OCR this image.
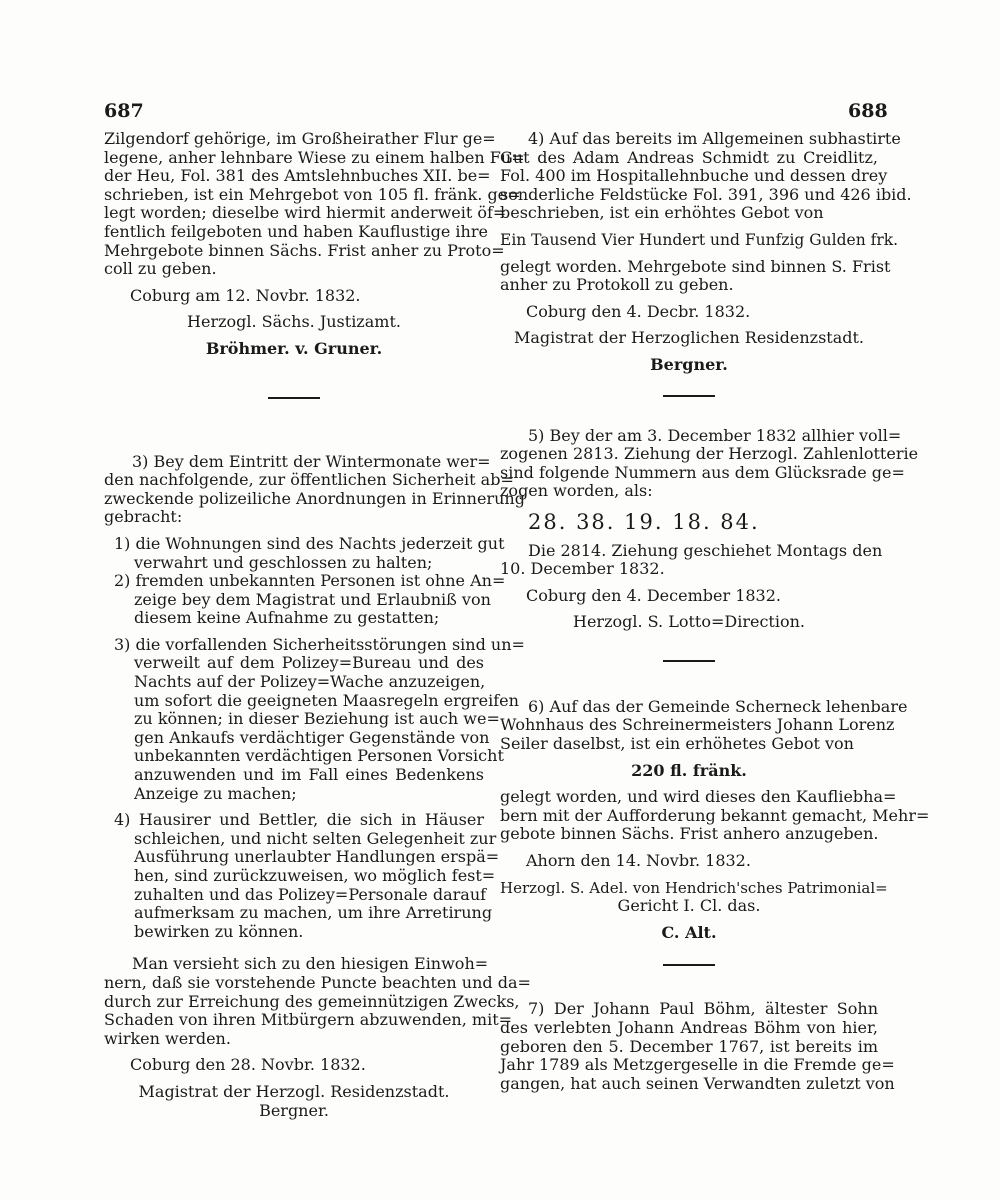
687	688
Zilgendorf gehörige, im Großheirather Flur ge=
legene, anher lehnbare Wiese zu einem halben Fu=
der Heu, Fol. 381 des Amtslehnbuches XII. be=
schrieben, ist ein Mehrgebot von 105 fl. fränk. ge=
legt worden; dieselbe wird hiermit anderweit öf=
fentlich feilgeboten und haben Kauflustige ihre
Mehrgebote binnen Sächs. Frist anher zu Proto=
coll zu geben.
Coburg am 12. Novbr. 1832.
Herzogl. Sächs. Justizamt.
Bröhmer. v. Gruner.
3) Bey dem Eintritt der Wintermonate wer=
den nachfolgende, zur öffentlichen Sicherheit ab=
zweckende polizeiliche Anordnungen in Erinnerung
gebracht:
1) die Wohnungen sind des Nachts jederzeit gut
verwahrt und geschlossen zu halten;
2) fremden unbekannten Personen ist ohne An=
zeige bey dem Magistrat und Erlaubniß von
diesem keine Aufnahme zu gestatten;
3) die vorfallenden Sicherheitsstörungen sind un=
verweilt auf dem Polizey=Bureau und des
Nachts auf der Polizey=Wache anzuzeigen,
um sofort die geeigneten Maasregeln ergreifen
zu können; in dieser Beziehung ist auch we=
gen Ankaufs verdächtiger Gegenstände von
unbekannten verdächtigen Personen Vorsicht
anzuwenden und im Fall eines Bedenkens
Anzeige zu machen;
4) Hausirer und Bettler, die sich in Häuser
schleichen, und nicht selten Gelegenheit zur
Ausführung unerlaubter Handlungen erspä=
hen, sind zurückzuweisen, wo möglich fest=
zuhalten und das Polizey=Personale darauf
aufmerksam zu machen, um ihre Arretirung
bewirken zu können.
Man versieht sich zu den hiesigen Einwoh=
nern, daß sie vorstehende Puncte beachten und da=
durch zur Erreichung des gemeinnützigen Zwecks,
Schaden von ihren Mitbürgern abzuwenden, mit=
wirken werden.
Coburg den 28. Novbr. 1832.
Magistrat der Herzogl. Residenzstadt.
Bergner.
4) Auf das bereits im Allgemeinen subhastirte
Gut des Adam Andreas Schmidt zu Creidlitz,
Fol. 400 im Hospitallehnbuche und dessen drey
sonderliche Feldstücke Fol. 391, 396 und 426 ibid.
beschrieben, ist ein erhöhtes Gebot von
Ein Tausend Vier Hundert und Funfzig Gulden frk.
gelegt worden. Mehrgebote sind binnen S. Frist
anher zu Protokoll zu geben.
Coburg den 4. Decbr. 1832.
Magistrat der Herzoglichen Residenzstadt.
Bergner.
5) Bey der am 3. December 1832 allhier voll=
zogenen 2813. Ziehung der Herzogl. Zahlenlotterie
sind folgende Nummern aus dem Glücksrade ge=
zogen worden, als:
28. 38. 19. 18. 84.
Die 2814. Ziehung geschiehet Montags den
10. December 1832.
Coburg den 4. December 1832.
Herzogl. S. Lotto=Direction.
6) Auf das der Gemeinde Scherneck lehenbare
Wohnhaus des Schreinermeisters Johann Lorenz
Seiler daselbst, ist ein erhöhetes Gebot von
220 fl. fränk.
gelegt worden, und wird dieses den Kaufliebha=
bern mit der Aufforderung bekannt gemacht, Mehr=
gebote binnen Sächs. Frist anhero anzugeben.
Ahorn den 14. Novbr. 1832.
Herzogl. S. Adel. von Hendrich'sches Patrimonial=
Gericht I. Cl. das.
C. Alt.
7) Der Johann Paul Böhm, ältester Sohn
des verlebten Johann Andreas Böhm von hier,
geboren den 5. December 1767, ist bereits im
Jahr 1789 als Metzgergeselle in die Fremde ge=
gangen, hat auch seinen Verwandten zuletzt von
